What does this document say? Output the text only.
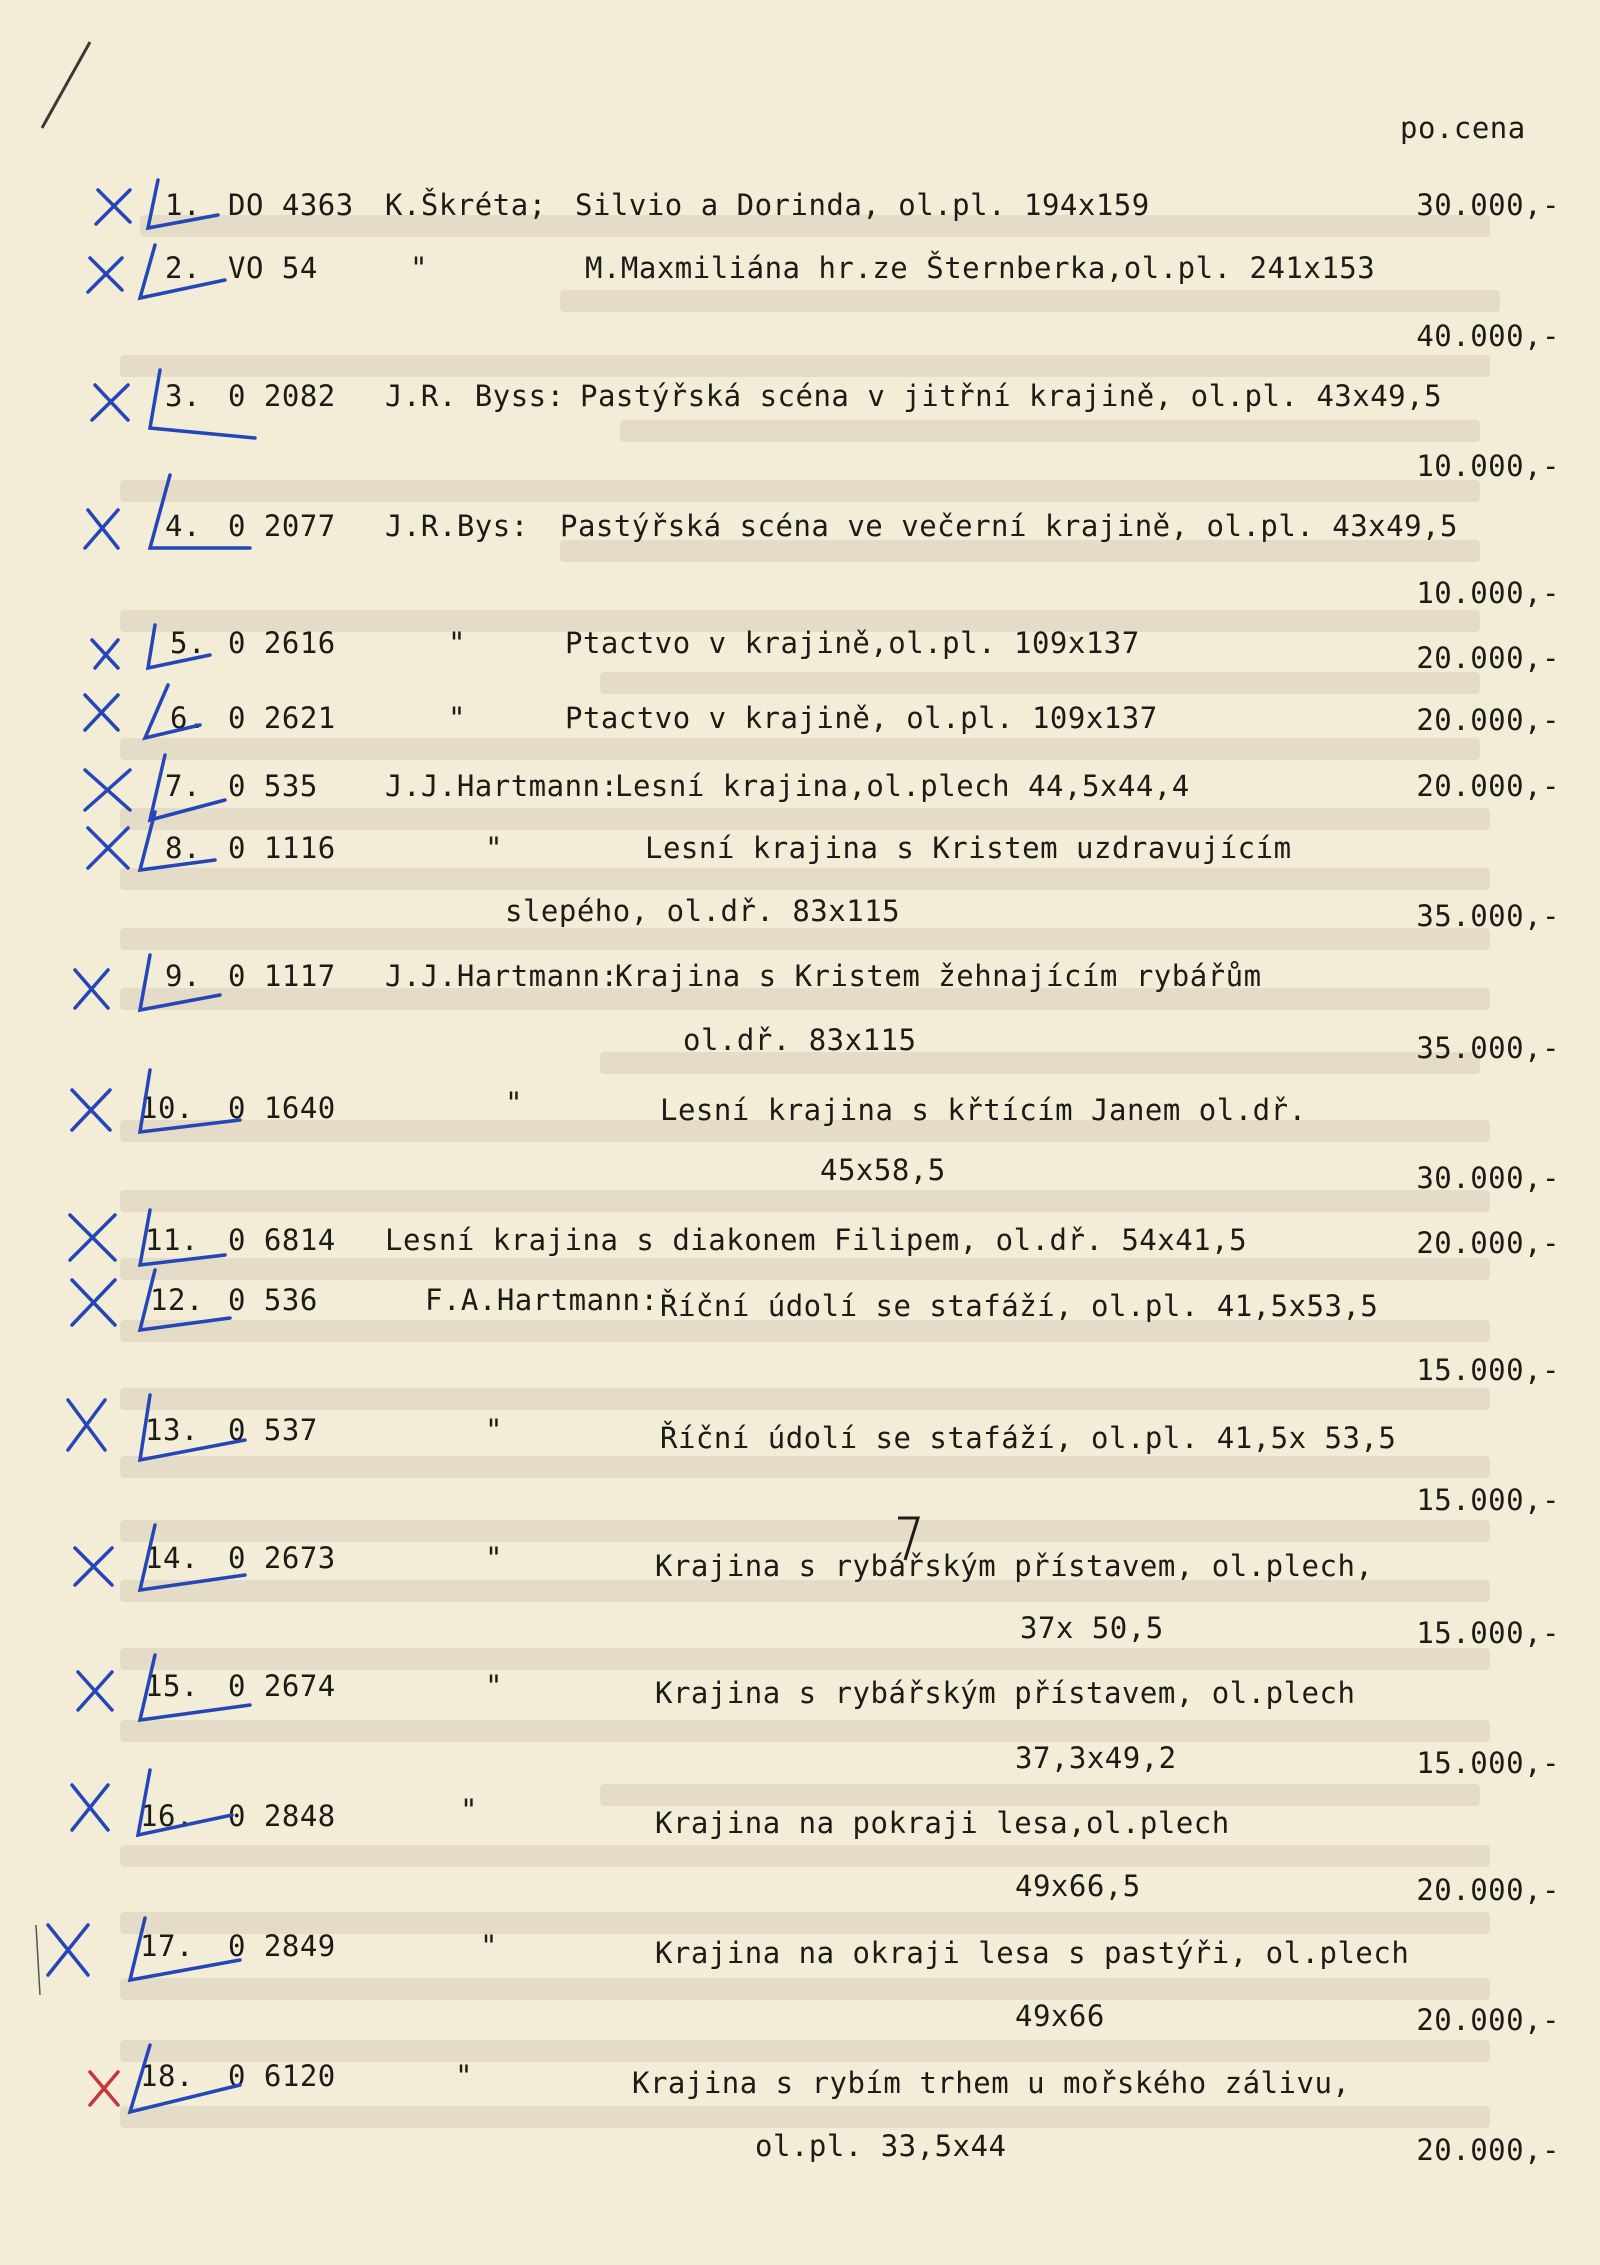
po.cena
1. DO 4363 K.Škréta; Silvio a Dorinda, ol.pl. 194x159	30.000,-
2. VO 54	"	M.Maxmiliána hr.ze Šternberka,ol.pl. 241x153
40.000,-
3. 0 2082 J.R. Byss: Pastýřská scéna v jitřní krajině, ol.pl. 43x49,5
10.000,-
4. 0 2077 J.R.Bys: Pastýřská scéna ve večerní krajině, ol.pl. 43x49,5
10.000,-
5. 0 2616	"	Ptactvo v krajině,ol.pl. 109x137	20.000,-
6. 0 2621	"	Ptactvo v krajině, ol.pl. 109x137	20.000,-
7. 0 535 J.J.Hartmann:
Lesní krajina,ol.plech 44,5x44,4	20.000,-
8. 0 1116	"	Lesní krajina s Kristem uzdravujícím
slepého, ol.dř. 83x115	35.000,-
9. 0 1117 J.J.Hartmann:
Krajina s Kristem žehnajícím rybářům
ol.dř. 83x115	35.000,-
10. 0 1640	"	Lesní krajina s křtícím Janem ol.dř.
45x58,5	30.000,-
11. 0 6814 Lesní krajina s diakonem Filipem, ol.dř. 54x41,5	20.000,-
12. 0 536	F.A.Hartmann: Říční údolí se stafáží, ol.pl. 41,5x53,5
15.000,-
13. 0 537	"	Říční údolí se stafáží, ol.pl. 41,5x 53,5
15.000,-
14. 0 2673	"	Krajina s rybářským přístavem, ol.plech,
37x 50,5	15.000,-
15. 0 2674	"	Krajina s rybářským přístavem, ol.plech
37,3x49,2	15.000,-
16. 0 2848	"	Krajina na pokraji lesa,ol.plech
49x66,5	20.000,-
17. 0 2849	"	Krajina na okraji lesa s pastýři, ol.plech
49x66	20.000,-
18. 0 6120	"	Krajina s rybím trhem u mořského zálivu,
ol.pl. 33,5x44	20.000,-
